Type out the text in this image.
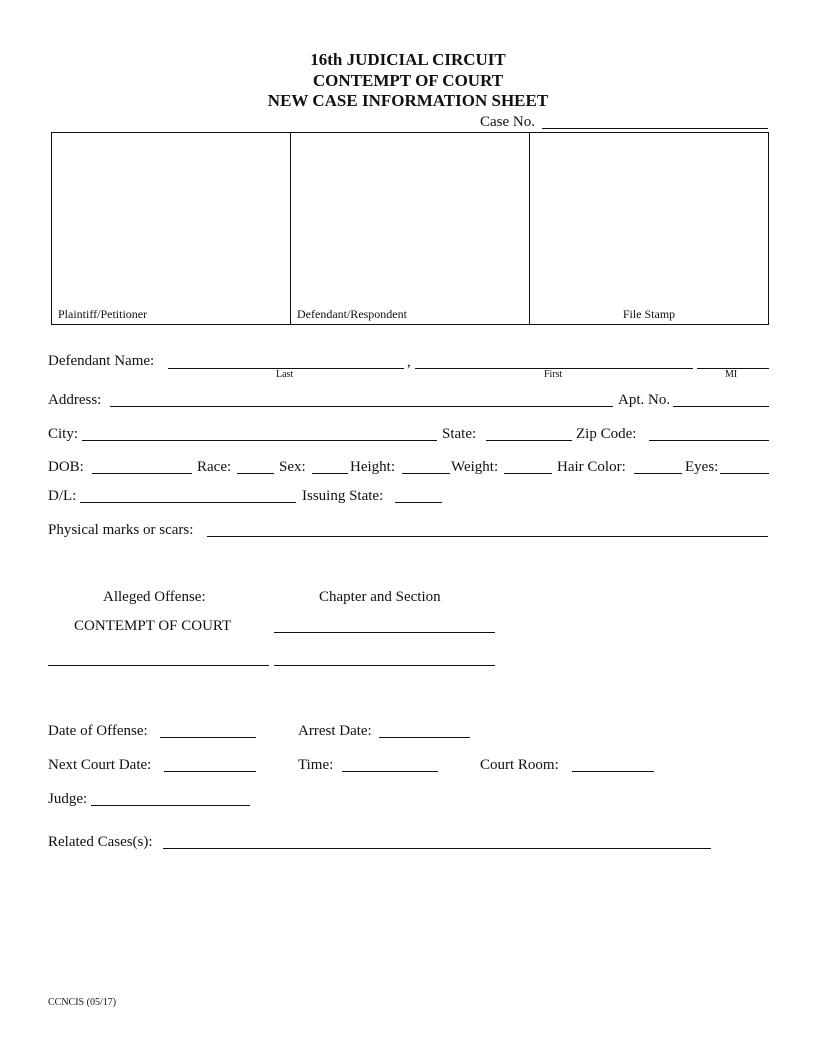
16th JUDICIAL CIRCUIT
CONTEMPT OF COURT
NEW CASE INFORMATION SHEET
Case No.
Plaintiff/Petitioner	Defendant/Respondent	File Stamp
Defendant Name:	,
Last	First	MI
Address:	Apt. No.
City:	State:	Zip Code:
DOB:	Race:	Sex:	Height:	Weight:	Hair Color:	Eyes:
D/L:	Issuing State:
Physical marks or scars:
Alleged Offense:	Chapter and Section
CONTEMPT OF COURT
Date of Offense:	Arrest Date:
Next Court Date:	Time:	Court Room:
Judge:
Related Cases(s):
CCNCIS (05/17)
